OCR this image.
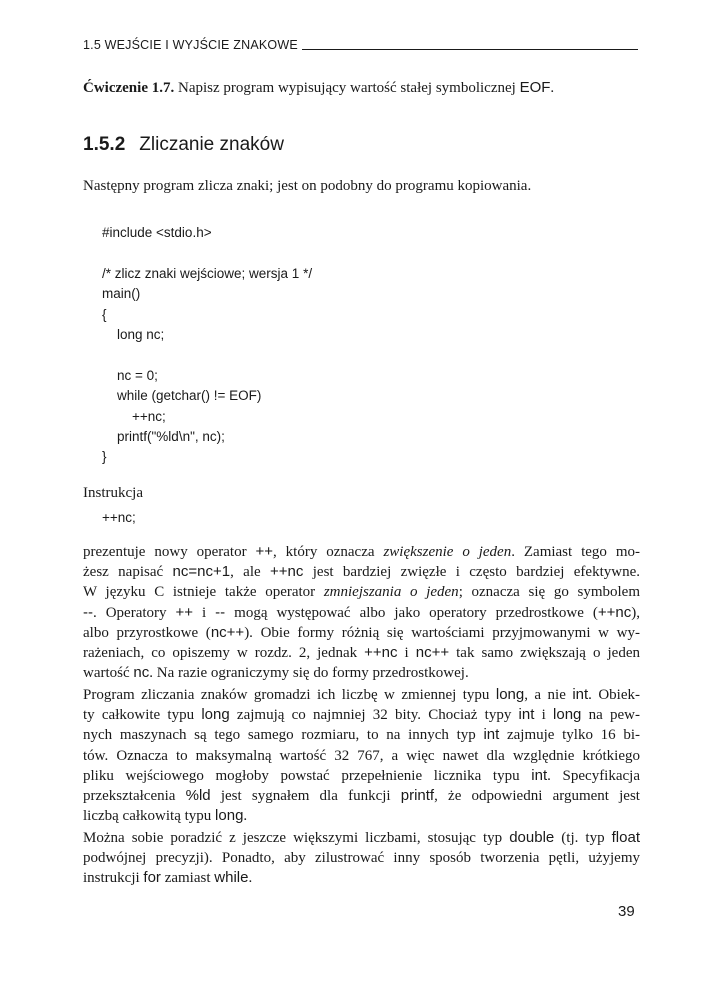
1.5 WEJŚCIE I WYJŚCIE ZNAKOWE
Ćwiczenie 1.7. Napisz program wypisujący wartość stałej symbolicznej EOF.
1.5.2 Zliczanie znaków
Następny program zlicza znaki; jest on podobny do programu kopiowania.
#include <stdio.h>
/* zlicz znaki wejściowe; wersja 1 */
main()
{
long nc;
nc = 0;
while (getchar() != EOF)
++nc;
printf("%ld\n", nc);
}
Instrukcja
++nc;
prezentuje nowy operator ++, który oznacza zwiększenie o jeden. Zamiast tego mo-
żesz napisać nc=nc+1, ale ++nc jest bardziej zwięzłe i często bardziej efektywne.
W języku C istnieje także operator zmniejszania o jeden; oznacza się go symbolem
--. Operatory ++ i -- mogą występować albo jako operatory przedrostkowe (++nc),
albo przyrostkowe (nc++). Obie formy różnią się wartościami przyjmowanymi w wy-
rażeniach, co opiszemy w rozdz. 2, jednak ++nc i nc++ tak samo zwiększają o jeden
wartość nc. Na razie ograniczymy się do formy przedrostkowej.
Program zliczania znaków gromadzi ich liczbę w zmiennej typu long, a nie int. Obiek-
ty całkowite typu long zajmują co najmniej 32 bity. Chociaż typy int i long na pew-
nych maszynach są tego samego rozmiaru, to na innych typ int zajmuje tylko 16 bi-
tów. Oznacza to maksymalną wartość 32 767, a więc nawet dla względnie krótkiego
pliku wejściowego mogłoby powstać przepełnienie licznika typu int. Specyfikacja
przekształcenia %ld jest sygnałem dla funkcji printf, że odpowiedni argument jest
liczbą całkowitą typu long.
Można sobie poradzić z jeszcze większymi liczbami, stosując typ double (tj. typ float
podwójnej precyzji). Ponadto, aby zilustrować inny sposób tworzenia pętli, użyjemy
instrukcji for zamiast while.
39
